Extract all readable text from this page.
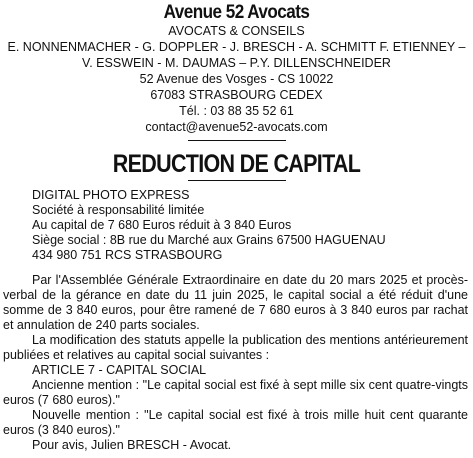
Avenue 52 Avocats
AVOCATS & CONSEILS
E. NONNENMACHER - G. DOPPLER - J. BRESCH - A. SCHMITT F. ETIENNEY – V. ESSWEIN - M. DAUMAS – P.Y. DILLENSCHNEIDER
52 Avenue des Vosges - CS 10022
67083 STRASBOURG CEDEX
Tél. : 03 88 35 52 61
contact@avenue52-avocats.com
REDUCTION DE CAPITAL
DIGITAL PHOTO EXPRESS
Société à responsabilité limitée
Au capital de 7 680 Euros réduit à 3 840 Euros
Siège social : 8B rue du Marché aux Grains 67500 HAGUENAU
434 980 751 RCS STRASBOURG

Par l'Assemblée Générale Extraordinaire en date du 20 mars 2025 et procès-verbal de la gérance en date du 11 juin 2025, le capital social a été réduit d'une somme de 3 840 euros, pour être ramené de 7 680 euros à 3 840 euros par rachat et annulation de 240 parts sociales.

La modification des statuts appelle la publication des mentions antérieurement publiées et relatives au capital social suivantes :

ARTICLE 7 - CAPITAL SOCIAL

Ancienne mention : "Le capital social est fixé à sept mille six cent quatre-vingts euros (7 680 euros)."

Nouvelle mention : "Le capital social est fixé à trois mille huit cent quarante euros (3 840 euros)."

Pour avis, Julien BRESCH - Avocat.
